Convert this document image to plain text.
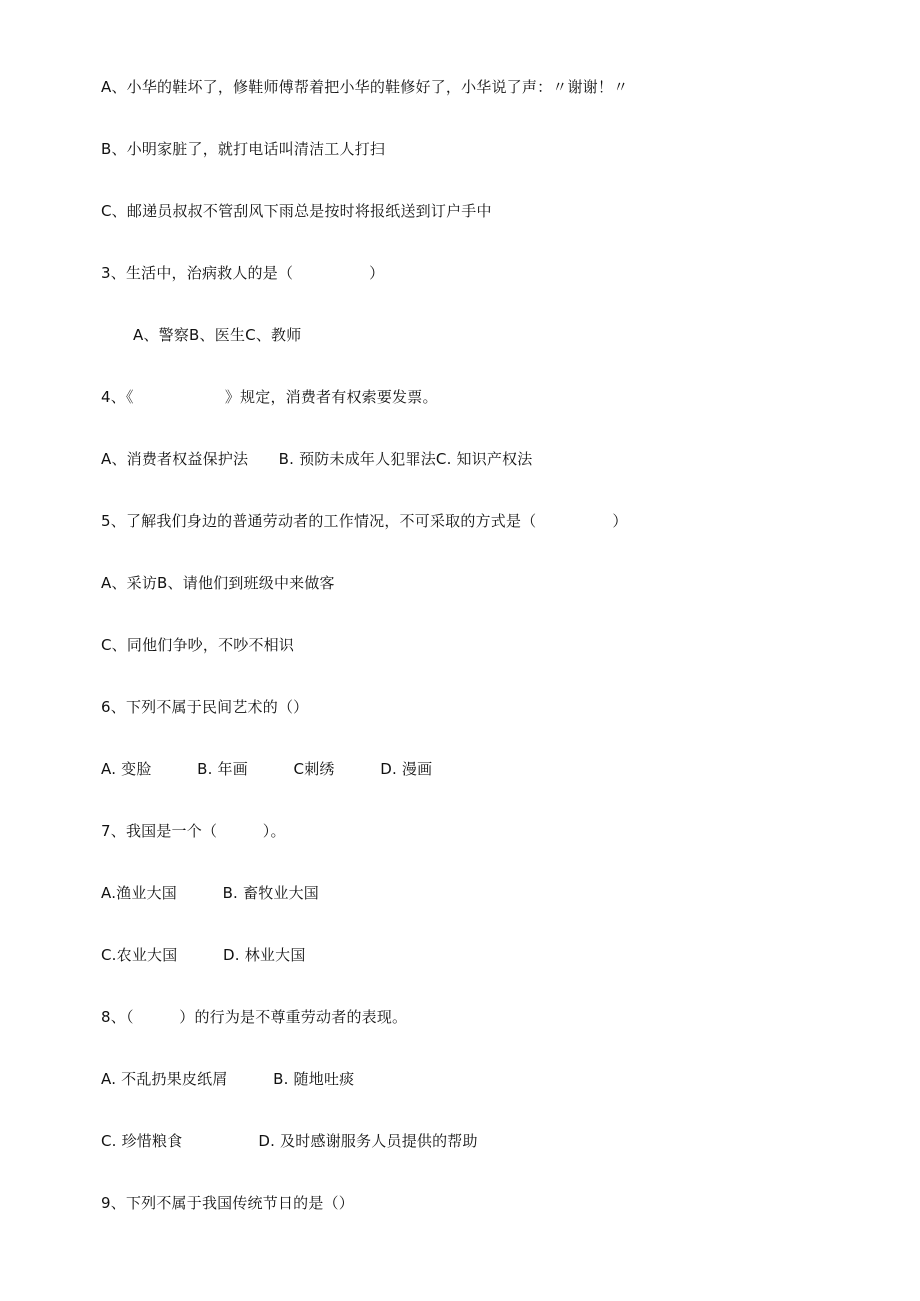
A、小华的鞋坏了，修鞋师傅帮着把小华的鞋修好了，小华说了声：〃谢谢！〃
B、小明家脏了，就打电话叫清洁工人打扫
C、邮递员叔叔不管刮风下雨总是按时将报纸送到订户手中
3、生活中，治病救人的是（　　　　　）
A、警察B、医生C、教师
4、《　　　　　　》规定，消费者有权索要发票。
A、消费者权益保护法　　B. 预防未成年人犯罪法C. 知识产权法
5、了解我们身边的普通劳动者的工作情况，不可采取的方式是（　　　　　）
A、采访B、请他们到班级中来做客
C、同他们争吵，不吵不相识
6、下列不属于民间艺术的（）
A. 变脸　　　B. 年画　　　C刺绣　　　D. 漫画
7、我国是一个（　　　）。
A.渔业大国　　　B. 畜牧业大国
C.农业大国　　　D. 林业大国
8、（　　　）的行为是不尊重劳动者的表现。
A. 不乱扔果皮纸屑　　　B. 随地吐痰
C. 珍惜粮食　　　　　D. 及时感谢服务人员提供的帮助
9、下列不属于我国传统节日的是（）
